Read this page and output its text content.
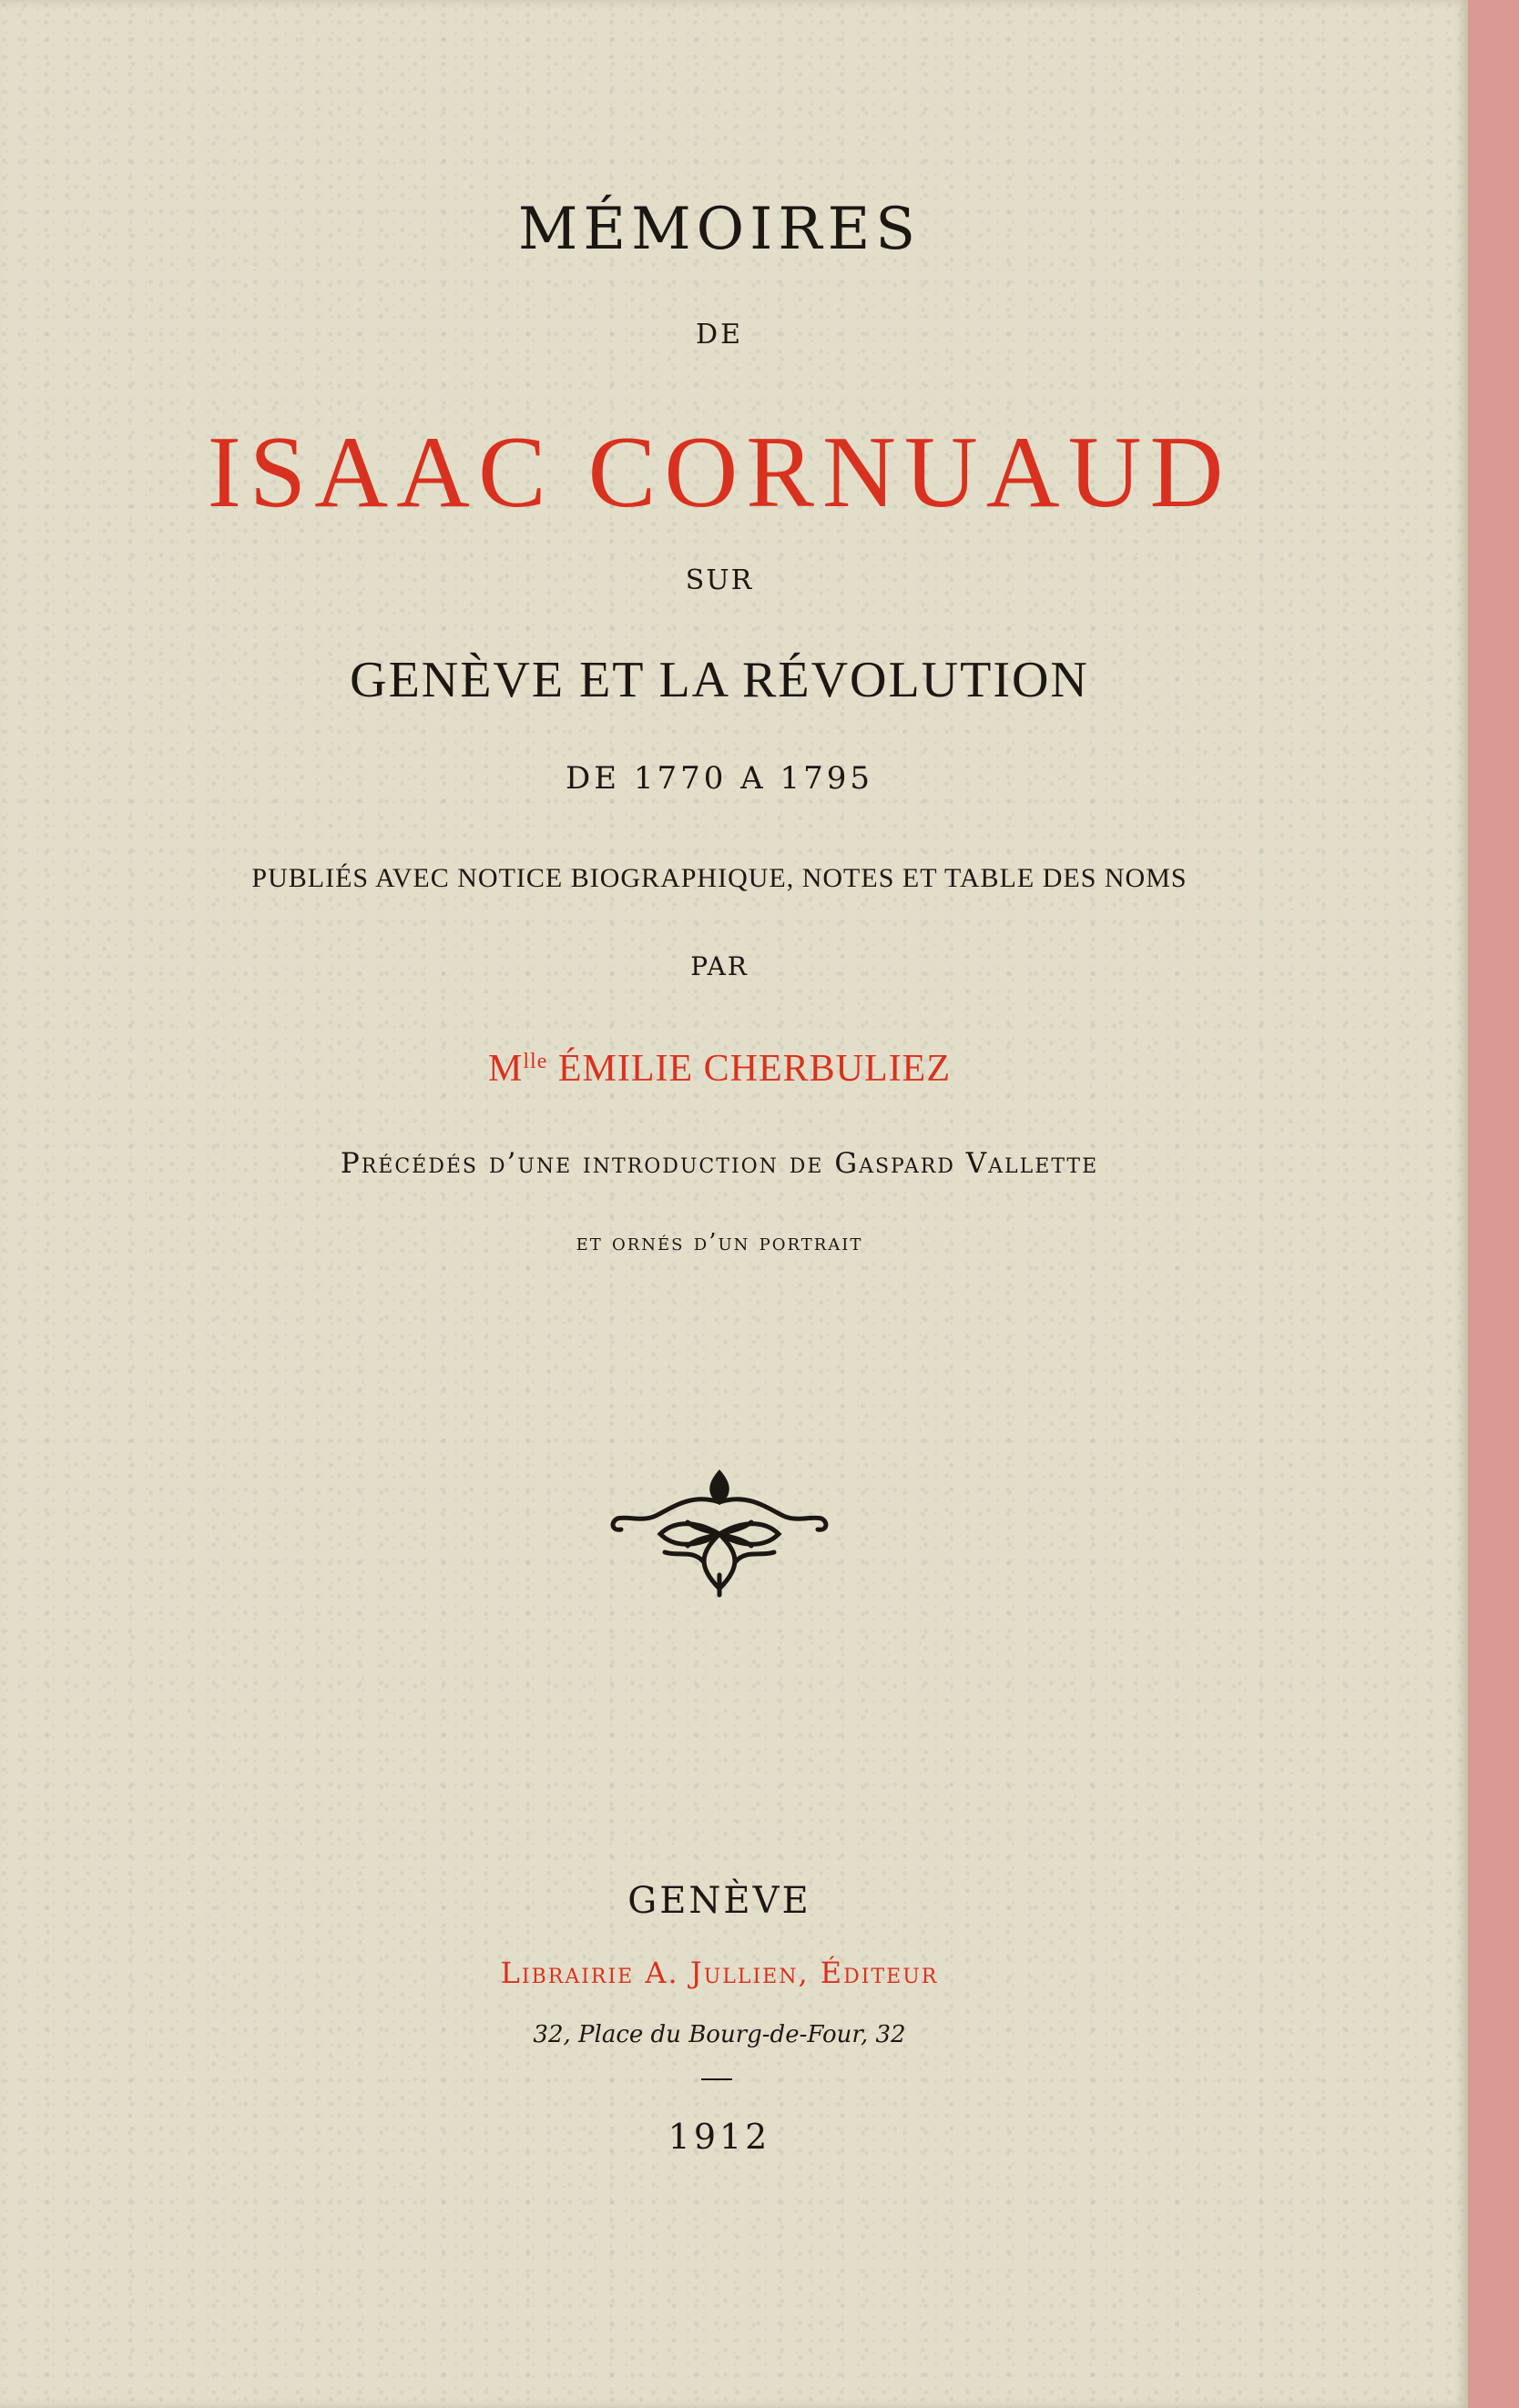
MÉMOIRES
DE
ISAAC CORNUAUD
SUR
GENÈVE ET LA RÉVOLUTION
DE 1770 A 1795
PUBLIÉS AVEC NOTICE BIOGRAPHIQUE, NOTES ET TABLE DES NOMS
PAR
$M^{lle}$ ÉMILIE CHERBULIEZ
Précédés d’une introduction de Gaspard Vallette
et ornés d’un portrait
GENÈVE
Librairie A. Jullien, Éditeur
32, Place du Bourg-de-Four, 32
1912
